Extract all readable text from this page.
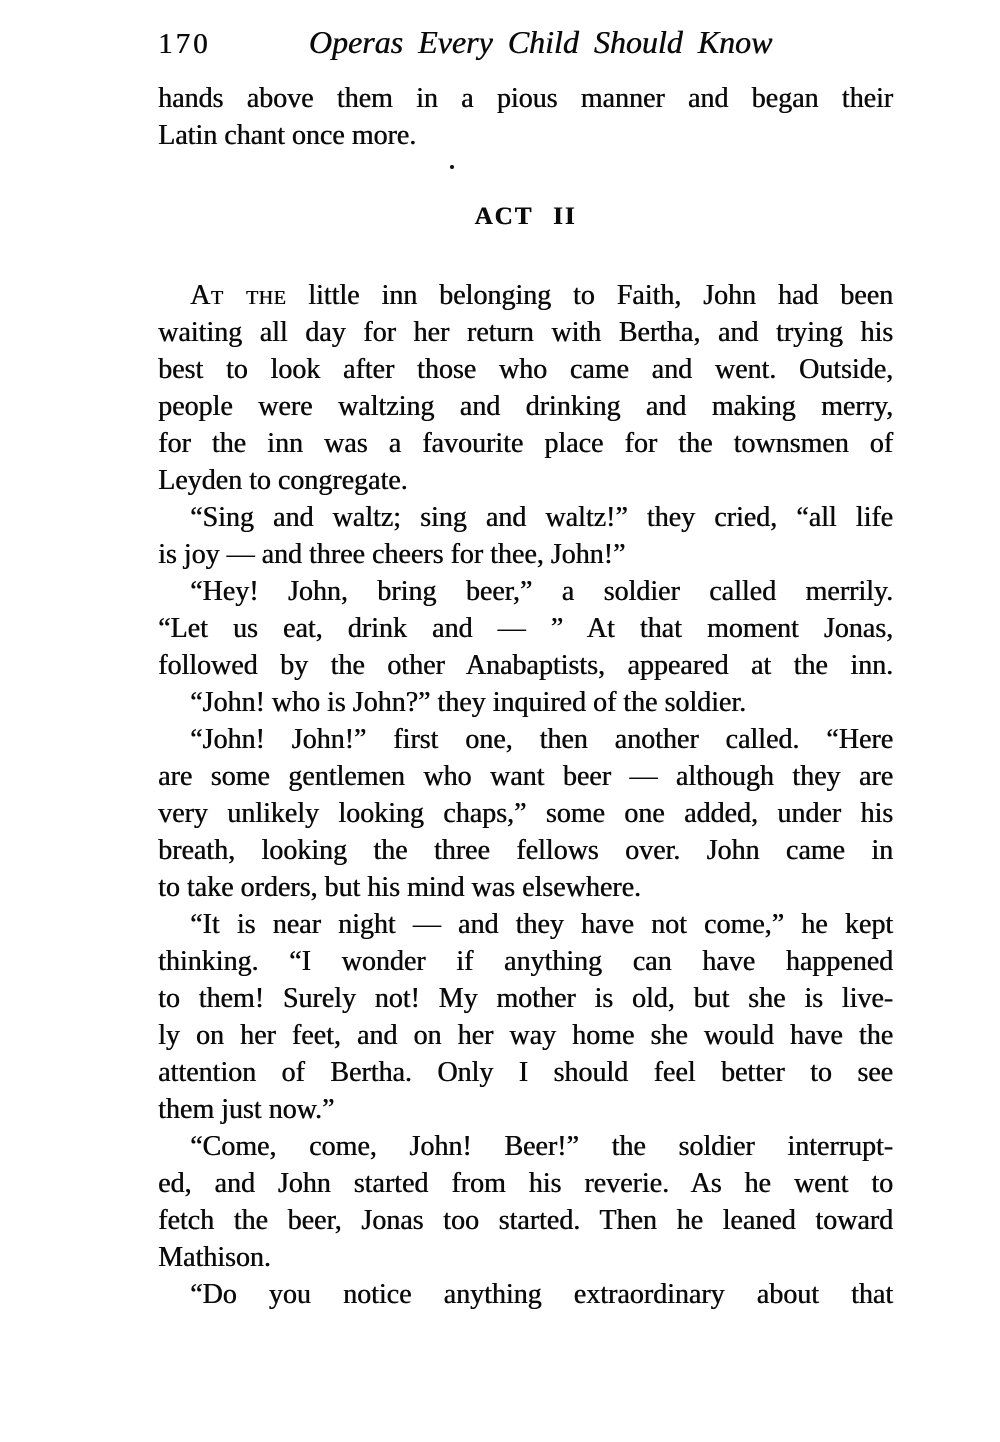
170	Operas Every Child Should Know
hands above them in a pious manner and began their
Latin chant once more.
ACT II
At the little inn belonging to Faith, John had been
waiting all day for her return with Bertha, and trying his
best to look after those who came and went. Outside,
people were waltzing and drinking and making merry,
for the inn was a favourite place for the townsmen of
Leyden to congregate.
“Sing and waltz; sing and waltz!” they cried, “all life
is joy — and three cheers for thee, John!”
“Hey! John, bring beer,” a soldier called merrily.
“Let us eat, drink and — ” At that moment Jonas,
followed by the other Anabaptists, appeared at the inn.
“John! who is John?” they inquired of the soldier.
“John! John!” first one, then another called. “Here
are some gentlemen who want beer — although they are
very unlikely looking chaps,” some one added, under his
breath, looking the three fellows over. John came in
to take orders, but his mind was elsewhere.
“It is near night — and they have not come,” he kept
thinking. “I wonder if anything can have happened
to them! Surely not! My mother is old, but she is live-
ly on her feet, and on her way home she would have the
attention of Bertha. Only I should feel better to see
them just now.”
“Come, come, John! Beer!” the soldier interrupt-
ed, and John started from his reverie. As he went to
fetch the beer, Jonas too started. Then he leaned toward
Mathison.
“Do you notice anything extraordinary about that
